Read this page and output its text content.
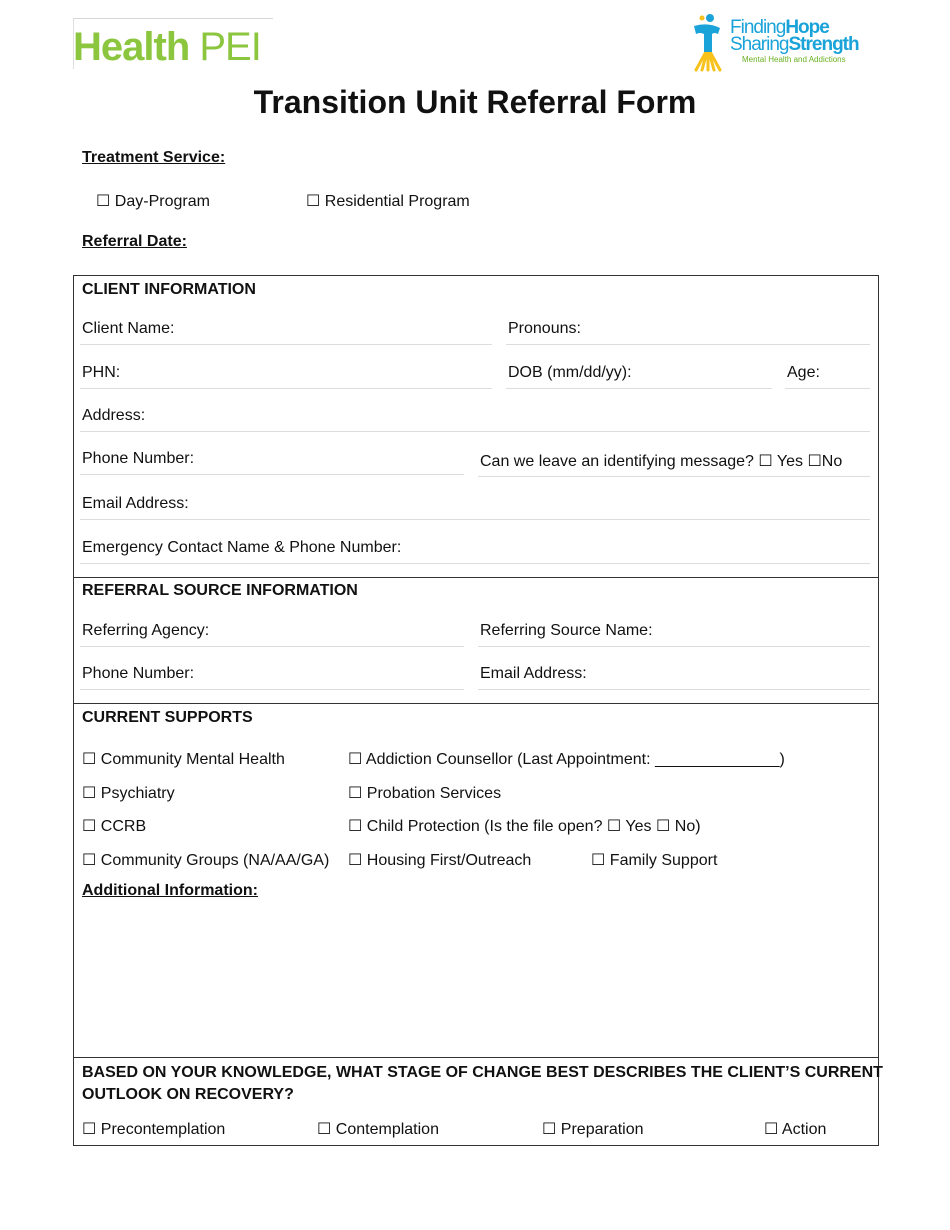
Health PEI	FindingHope
SharingStrength
Mental Health and Addictions
Transition Unit Referral Form
Treatment Service:
☐ Day-Program	☐ Residential Program
Referral Date:
CLIENT INFORMATION
Client Name:	Pronouns:
PHN:	DOB (mm/dd/yy):	Age:
Address:
Phone Number:	Can we leave an identifying message? ☐ Yes ☐No
Email Address:
Emergency Contact Name & Phone Number:
REFERRAL SOURCE INFORMATION
Referring Agency:	Referring Source Name:
Phone Number:	Email Address:
CURRENT SUPPORTS
☐ Community Mental Health	☐ Addiction Counsellor (Last Appointment: ______________)
☐ Psychiatry	☐ Probation Services
☐ CCRB	☐ Child Protection (Is the file open? ☐ Yes ☐ No)
☐ Community Groups (NA/AA/GA) ☐ Housing First/Outreach	☐ Family Support
Additional Information:
BASED ON YOUR KNOWLEDGE, WHAT STAGE OF CHANGE BEST DESCRIBES THE CLIENT’S CURRENT
OUTLOOK ON RECOVERY?
☐ Precontemplation	☐ Contemplation	☐ Preparation	☐ Action
